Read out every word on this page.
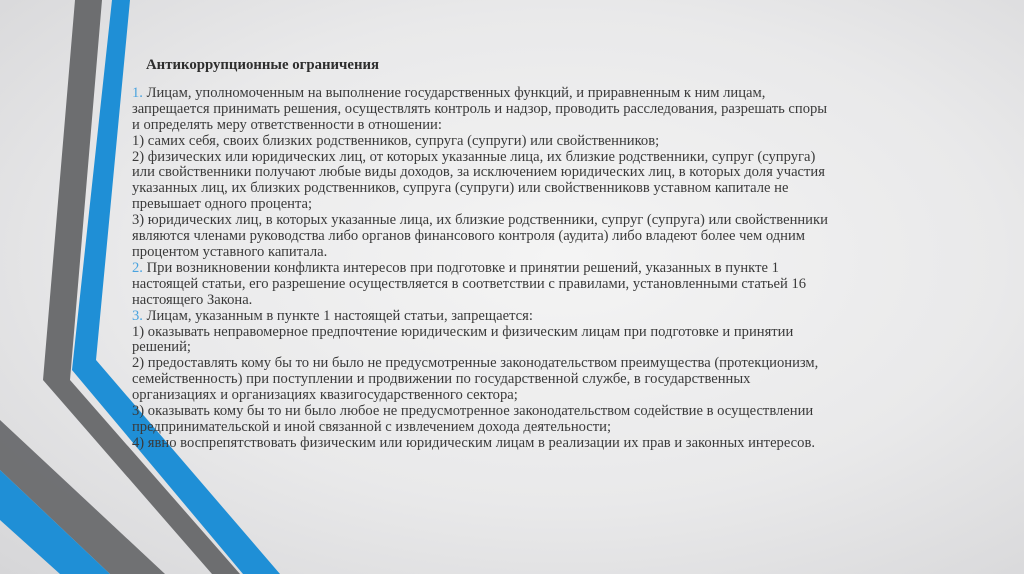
Антикоррупционные ограничения
1. Лицам, уполномоченным на выполнение государственных функций, и приравненным к ним лицам,
запрещается принимать решения, осуществлять контроль и надзор, проводить расследования, разрешать споры
и определять меру ответственности в отношении:
1) самих себя, своих близких родственников, супруга (супруги) или свойственников;
2) физических или юридических лиц, от которых указанные лица, их близкие родственники, супруг (супруга)
или свойственники получают любые виды доходов, за исключением юридических лиц, в которых доля участия
указанных лиц, их близких родственников, супруга (супруги) или свойственниковв уставном капитале не
превышает одного процента;
3) юридических лиц, в которых указанные лица, их близкие родственники, супруг (супруга) или свойственники
являются членами руководства либо органов финансового контроля (аудита) либо владеют более чем одним
процентом уставного капитала.
2. При возникновении конфликта интересов при подготовке и принятии решений, указанных в пункте 1
настоящей статьи, его разрешение осуществляется в соответствии с правилами, установленными статьей 16
настоящего Закона.
3. Лицам, указанным в пункте 1 настоящей статьи, запрещается:
1) оказывать неправомерное предпочтение юридическим и физическим лицам при подготовке и принятии
решений;
2) предоставлять кому бы то ни было не предусмотренные законодательством преимущества (протекционизм,
семейственность) при поступлении и продвижении по государственной службе, в государственных
организациях и организациях квазигосударственного сектора;
3) оказывать кому бы то ни было любое не предусмотренное законодательством содействие в осуществлении
предпринимательской и иной связанной с извлечением дохода деятельности;
4) явно воспрепятствовать физическим или юридическим лицам в реализации их прав и законных интересов.
